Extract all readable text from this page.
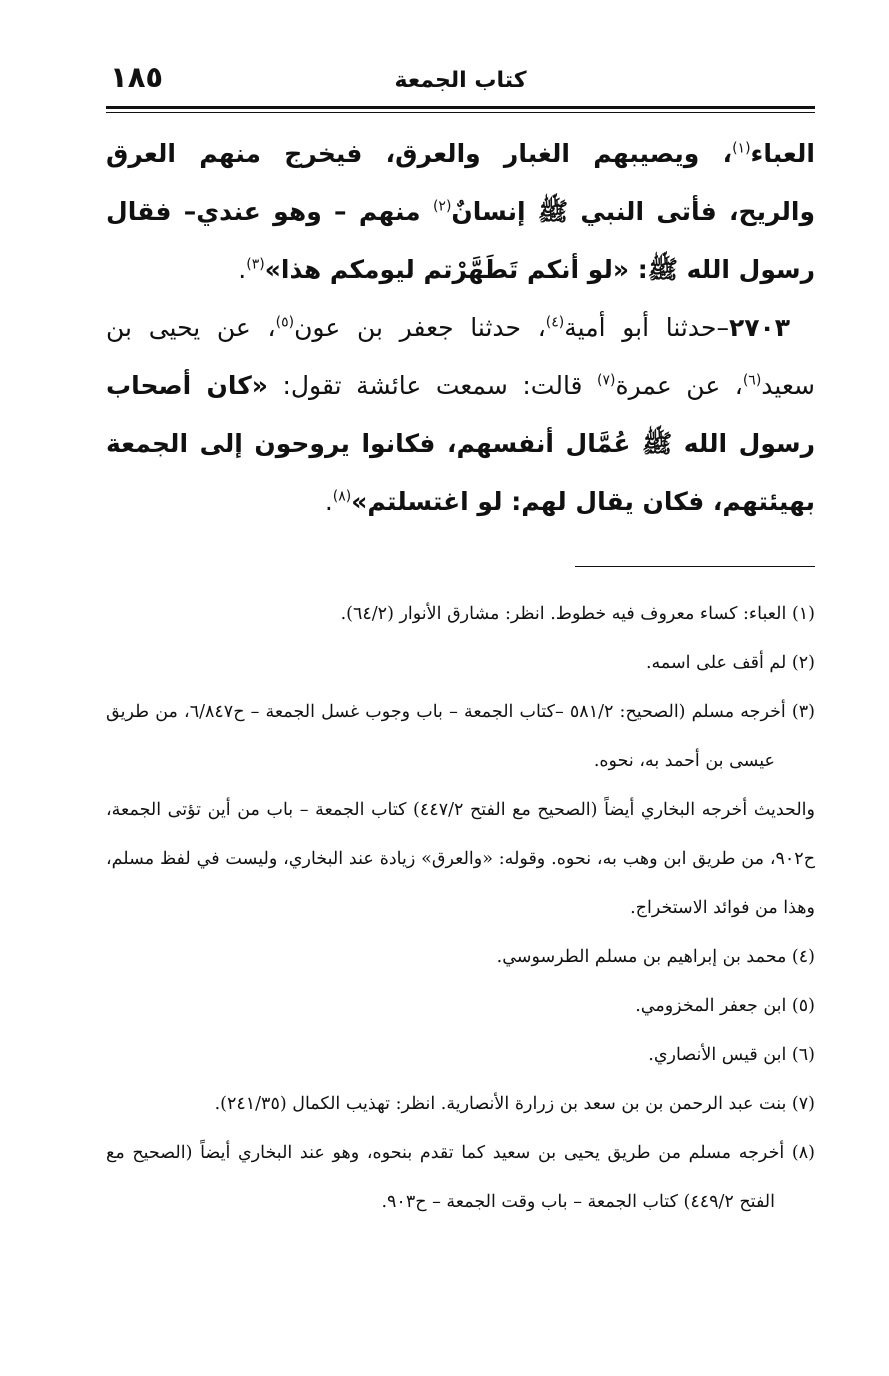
كتاب الجمعة
١٨٥

العباء$^{(١)}$، ويصيبهم الغبار والعرق، فيخرج منهم العرق والريح، فأتى النبي ﷺ إنسانٌ$^{(٢)}$ منهم – وهو عندي– فقال رسول الله ﷺ: «لو أنكم تَطَهَّرْتم ليومكم هذا»$^{(٣)}$.

 ٢٧٠٣–حدثنا أبو أمية$^{(٤)}$، حدثنا جعفر بن عون$^{(٥)}$، عن يحيى بن سعيد$^{(٦)}$، عن عمرة$^{(٧)}$ قالت: سمعت عائشة تقول: «كان أصحاب رسول الله ﷺ عُمَّال أنفسهم، فكانوا يروحون إلى الجمعة بهيئتهم، فكان يقال لهم: لو اغتسلتم»$^{(٨)}$.

(١) العباء: كساء معروف فيه خطوط. انظر: مشارق الأنوار (٦٤/٢).

(٢) لم أقف على اسمه.

(٣) أخرجه مسلم (الصحيح: ٥٨١/٢ –كتاب الجمعة – باب وجوب غسل الجمعة – ح٦/٨٤٧، من طريق عيسى بن أحمد به، نحوه.

والحديث أخرجه البخاري أيضاً (الصحيح مع الفتح ٤٤٧/٢) كتاب الجمعة – باب من أين تؤتى الجمعة، ح٩٠٢، من طريق ابن وهب به، نحوه. وقوله: «والعرق» زيادة عند البخاري، وليست في لفظ مسلم، وهذا من فوائد الاستخراج.

(٤) محمد بن إبراهيم بن مسلم الطرسوسي.

(٥) ابن جعفر المخزومي.

(٦) ابن قيس الأنصاري.

(٧) بنت عبد الرحمن بن بن سعد بن زرارة الأنصارية. انظر: تهذيب الكمال (٢٤١/٣٥).

(٨) أخرجه مسلم من طريق يحيى بن سعيد كما تقدم بنحوه، وهو عند البخاري أيضاً (الصحيح مع الفتح ٤٤٩/٢) كتاب الجمعة – باب وقت الجمعة – ح٩٠٣.
